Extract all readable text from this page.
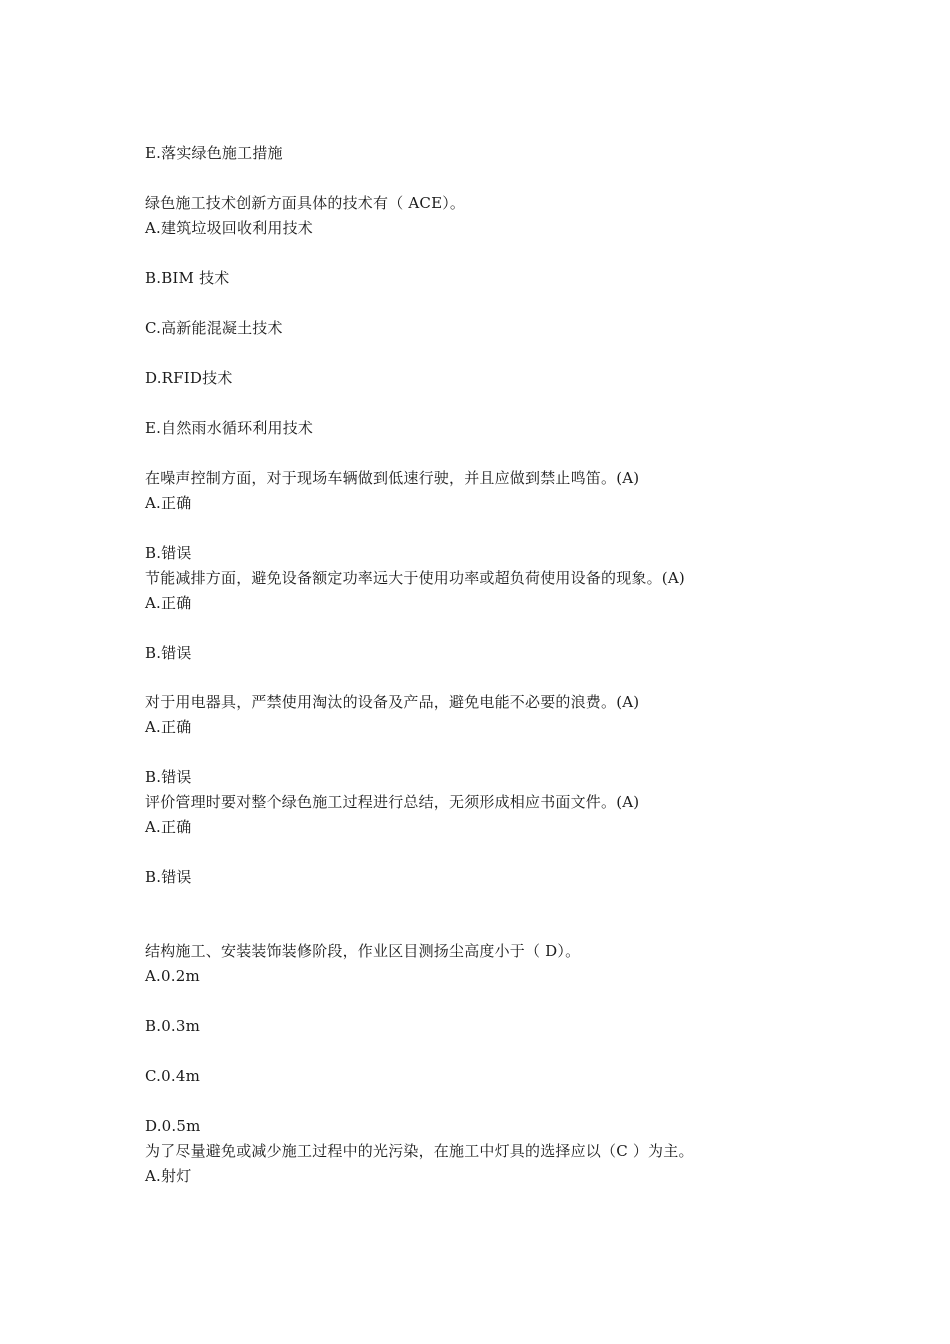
E.落实绿色施工措施
绿色施工技术创新方面具体的技术有（ ACE）。
A.建筑垃圾回收利用技术
B.BIM 技术
C.高新能混凝土技术
D.RFID技术
E.自然雨水循环利用技术
在噪声控制方面，对于现场车辆做到低速行驶，并且应做到禁止鸣笛。(A)
A.正确
B.错误
节能减排方面，避免设备额定功率远大于使用功率或超负荷使用设备的现象。(A)
A.正确
B.错误
对于用电器具，严禁使用淘汰的设备及产品，避免电能不必要的浪费。(A)
A.正确
B.错误
评价管理时要对整个绿色施工过程进行总结，无须形成相应书面文件。(A)
A.正确
B.错误
结构施工、安装装饰装修阶段，作业区目测扬尘高度小于（ D）。
A.0.2m
B.0.3m
C.0.4m
D.0.5m
为了尽量避免或减少施工过程中的光污染，在施工中灯具的选择应以（C ）为主。
A.射灯
